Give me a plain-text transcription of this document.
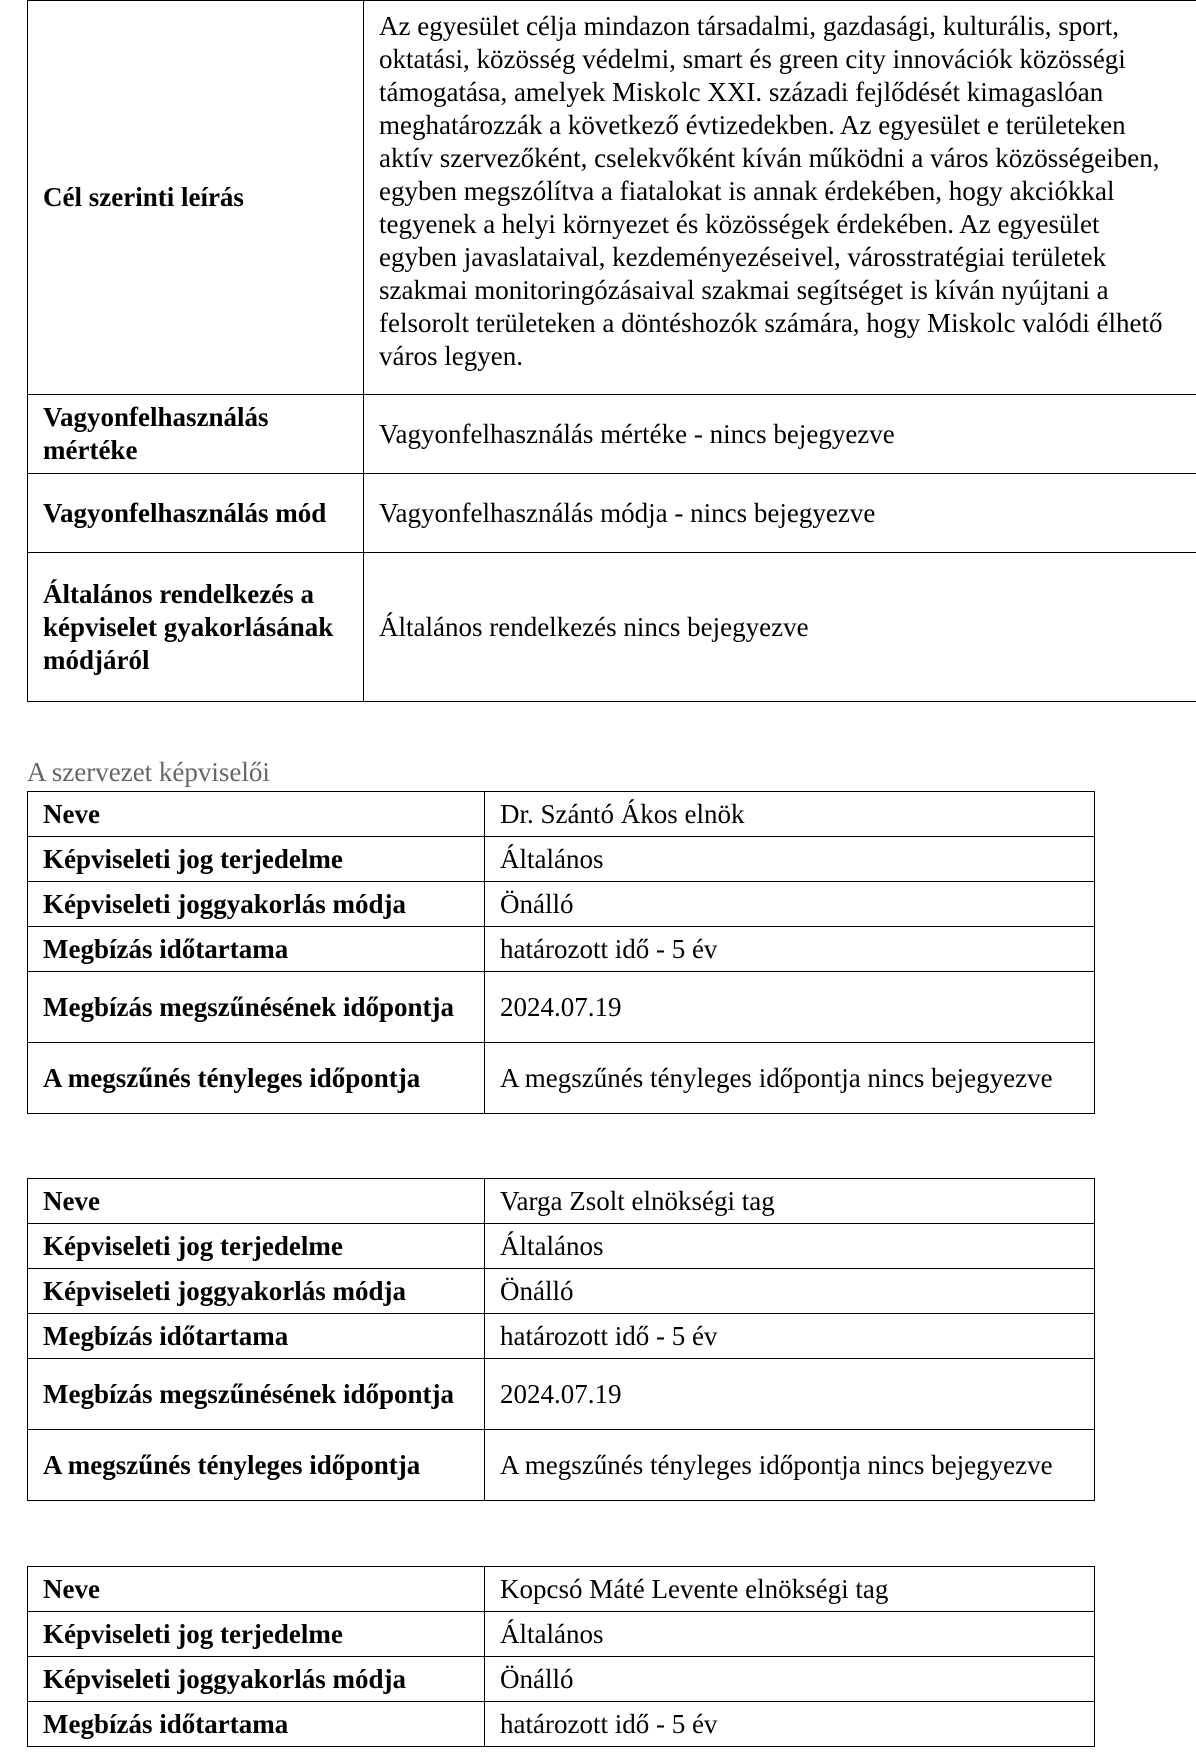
Cél szerinti leírás	Az egyesület célja mindazon társadalmi, gazdasági, kulturális, sport, oktatási, közösség védelmi, smart és green city innovációk közösségi támogatása, amelyek Miskolc XXI. századi fejlődését kimagaslóan meghatározzák a következő évtizedekben. Az egyesület e területeken aktív szervezőként, cselekvőként kíván működni a város közösségeiben, egyben megszólítva a fiatalokat is annak érdekében, hogy akciókkal tegyenek a helyi környezet és közösségek érdekében. Az egyesület egyben javaslataival, kezdeményezéseivel, városstratégiai területek szakmai monitoringózásaival szakmai segítséget is kíván nyújtani a felsorolt területeken a döntéshozók számára, hogy Miskolc valódi élhető város legyen.
Vagyonfelhasználás mértéke	Vagyonfelhasználás mértéke - nincs bejegyezve
Vagyonfelhasználás mód	Vagyonfelhasználás módja - nincs bejegyezve
Általános rendelkezés a képviselet gyakorlásának módjáról	Általános rendelkezés nincs bejegyezve
A szervezet képviselői
Neve	Dr. Szántó Ákos elnök
Képviseleti jog terjedelme	Általános
Képviseleti joggyakorlás módja	Önálló
Megbízás időtartama	határozott idő - 5 év
Megbízás megszűnésének időpontja	2024.07.19
A megszűnés tényleges időpontja	A megszűnés tényleges időpontja nincs bejegyezve
Neve	Varga Zsolt elnökségi tag
Képviseleti jog terjedelme	Általános
Képviseleti joggyakorlás módja	Önálló
Megbízás időtartama	határozott idő - 5 év
Megbízás megszűnésének időpontja	2024.07.19
A megszűnés tényleges időpontja	A megszűnés tényleges időpontja nincs bejegyezve
Neve	Kopcsó Máté Levente elnökségi tag
Képviseleti jog terjedelme	Általános
Képviseleti joggyakorlás módja	Önálló
Megbízás időtartama	határozott idő - 5 év
